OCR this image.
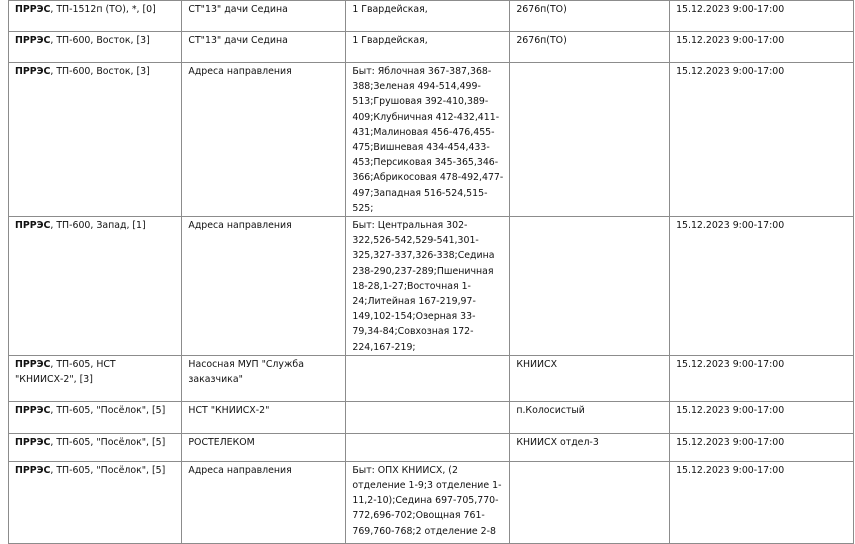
ПРРЭС, ТП-1512п (ТО), *, [0]	СТ"13" дачи Седина	1 Гвардейская,	2676п(ТО)	15.12.2023 9:00-17:00
ПРРЭС, ТП-600, Восток, [3]	СТ"13" дачи Седина	1 Гвардейская,	2676п(ТО)	15.12.2023 9:00-17:00
ПРРЭС, ТП-600, Восток, [3]	Адреса направления	Быт: Яблочная 367-387,368-388;Зеленая 494-514,499-513;Грушовая 392-410,389-409;Клубничная 412-432,411-431;Малиновая 456-476,455-475;Вишневая 434-454,433-453;Персиковая 345-365,346-366;Абрикосовая 478-492,477-497;Западная 516-524,515-525;		15.12.2023 9:00-17:00
ПРРЭС, ТП-600, Запад, [1]	Адреса направления	Быт: Центральная 302-322,526-542,529-541,301-325,327-337,326-338;Седина 238-290,237-289;Пшеничная 18-28,1-27;Восточная 1-24;Литейная 167-219,97-149,102-154;Озерная 33-79,34-84;Совхозная 172-224,167-219;		15.12.2023 9:00-17:00
ПРРЭС, ТП-605, НСТ "КНИИСХ-2", [3]	Насосная МУП "Служба заказчика"		КНИИСХ	15.12.2023 9:00-17:00
ПРРЭС, ТП-605, "Посёлок", [5]	НСТ "КНИИСХ-2"		п.Колосистый	15.12.2023 9:00-17:00
ПРРЭС, ТП-605, "Посёлок", [5]	РОСТЕЛЕКОМ		КНИИСХ отдел-3	15.12.2023 9:00-17:00
ПРРЭС, ТП-605, "Посёлок", [5]	Адреса направления	Быт: ОПХ КНИИСХ, (2 отделение 1-9;3 отделение 1-11,2-10);Седина 697-705,770-772,696-702;Овощная 761-769,760-768;2 отделение 2-8		15.12.2023 9:00-17:00
